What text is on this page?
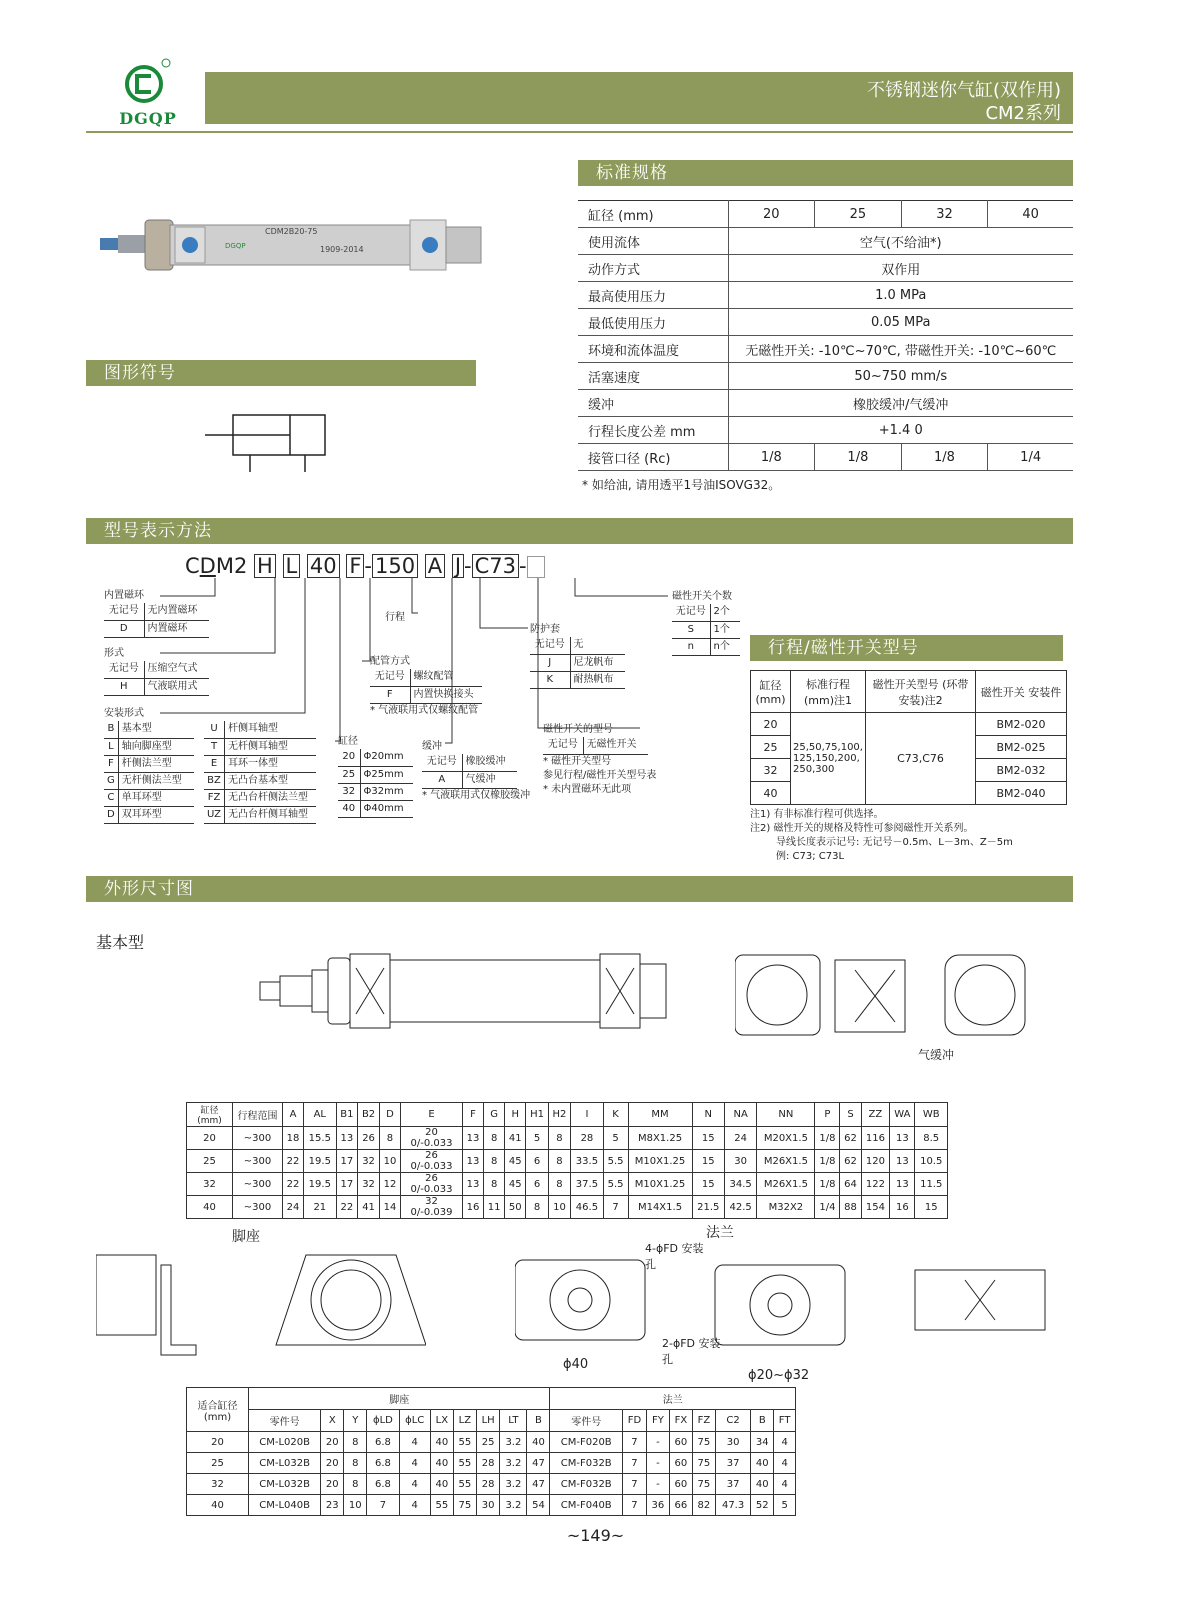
DGQP
不锈钢迷你气缸(双作用)
CM2系列
CDM2B20-75
1909-2014
DGQP
标准规格
缸径 (mm)	20	25	32	40
使用流体	空气(不给油*)			
动作方式	双作用			
最高使用压力	1.0 MPa			
最低使用压力	0.05 MPa			
环境和流体温度	无磁性开关: -10℃~70℃, 带磁性开关: -10℃~60℃			
活塞速度	50~750 mm/s			
缓冲	橡胶缓冲/气缓冲			
行程长度公差 mm	+1.4 0			
接管口径 (Rc)	1/8	1/8	1/8	1/4
* 如给油, 请用透平1号油ISOVG32。
图形符号
型号表示方法
CDM2 H L 40 F - 150 A J - C73 -
内置磁环
无记号	无内置磁环
D	内置磁环
形式
无记号	压缩空气式
H	气液联用式
安装形式
B	基本型
L	轴向脚座型
F	杆侧法兰型
G	无杆侧法兰型
C	单耳环型
D	双耳环型
U	杆侧耳轴型
T	无杆侧耳轴型
E	耳环一体型
BZ	无凸台基本型
FZ	无凸台杆侧法兰型
UZ	无凸台杆侧耳轴型
缸径
20	Φ20mm
25	Φ25mm
32	Φ32mm
40	Φ40mm
配管方式
无记号	螺纹配管
F	内置快换接头
* 气液联用式仅螺纹配管
行程
缓冲
无记号	橡胶缓冲
A	气缓冲
* 气液联用式仅橡胶缓冲
防护套
无记号	无
J	尼龙帆布
K	耐热帆布
磁性开关的型号
无记号	无磁性开关
* 磁性开关型号
参见行程/磁性开关型号表
* 未内置磁环无此项
磁性开关个数
无记号	2个
S	1个
n	n个	行程/磁性开关型号
缸径 (mm)	标准行程 (mm)注1	磁性开关型号 (环带安装)注2	磁性开关 安装件
20	25,50,75,100, 125,150,200, 250,300	C73,C76	BM2-020
25			BM2-025
32			BM2-032
40			BM2-040
注1) 有非标准行程可供选择。
注2) 磁性开关的规格及特性可参阅磁性开关系列。
导线长度表示记号: 无记号－0.5m、L－3m、Z－5m
例: C73; C73L
外形尺寸图
基本型
气缓冲
缸径 (mm)	行程范围	A	AL	B1	B2	D	E	F	G	H	H1	H2	I	K	MM	N	NA	NN	P	S	ZZ	WA	WB
20	~300	18	15.5	13	26	8	20 0/-0.033	13	8	41	5	8	28	5	M8X1.25	15	24	M20X1.5	1/8	62	116	13	8.5
25	~300	22	19.5	17	32	10	26 0/-0.033	13	8	45	6	8	33.5	5.5	M10X1.25	15	30	M26X1.5	1/8	62	120	13	10.5
32	~300	22	19.5	17	32	12	26 0/-0.033	13	8	45	6	8	37.5	5.5	M10X1.25	15	34.5	M26X1.5	1/8	64	122	13	11.5
40	~300	24	21	22	41	14	32 0/-0.039	16	11	50	8	10	46.5	7	M14X1.5	21.5	42.5	M32X2	1/4	88	154	16	15
脚座	法兰
ϕ40
ϕ20~ϕ32
4-ϕFD 安装孔
2-ϕFD 安装孔
适合缸径 (mm)	脚座										法兰							
	零件号	X	Y	ϕLD	ϕLC	LX	LZ	LH	LT	B	零件号	FD	FY	FX	FZ	C2	B	FT
20	CM-L020B	20	8	6.8	4	40	55	25	3.2	40	CM-F020B	7	-	60	75	30	34	4
25	CM-L032B	20	8	6.8	4	40	55	28	3.2	47	CM-F032B	7	-	60	75	37	40	4
32	CM-L032B	20	8	6.8	4	40	55	28	3.2	47	CM-F032B	7	-	60	75	37	40	4
40	CM-L040B	23	10	7	4	55	75	30	3.2	54	CM-F040B	7	36	66	82	47.3	52	5
~149~
